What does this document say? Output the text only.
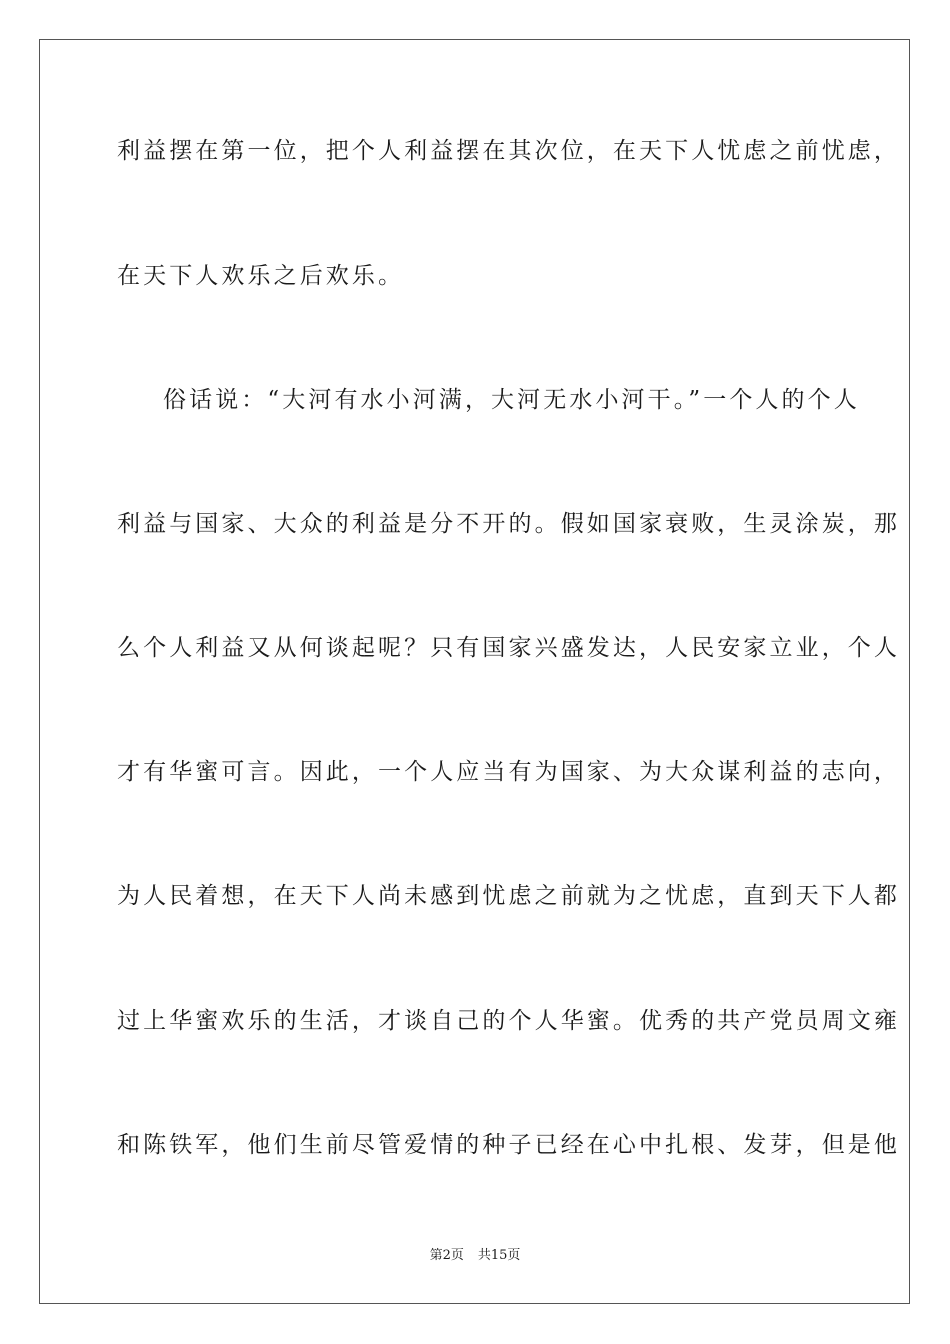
利益摆在第一位，把个人利益摆在其次位，在天下人忧虑之前忧虑，
在天下人欢乐之后欢乐。
俗话说：“大河有水小河满，大河无水小河干。”一个人的个人
利益与国家、大众的利益是分不开的。假如国家衰败，生灵涂炭，那
么个人利益又从何谈起呢？只有国家兴盛发达，人民安家立业，个人
才有华蜜可言。因此，一个人应当有为国家、为大众谋利益的志向，
为人民着想，在天下人尚未感到忧虑之前就为之忧虑，直到天下人都
过上华蜜欢乐的生活，才谈自己的个人华蜜。优秀的共产党员周文雍
和陈铁军，他们生前尽管爱情的种子已经在心中扎根、发芽，但是他
第2页 共15页
